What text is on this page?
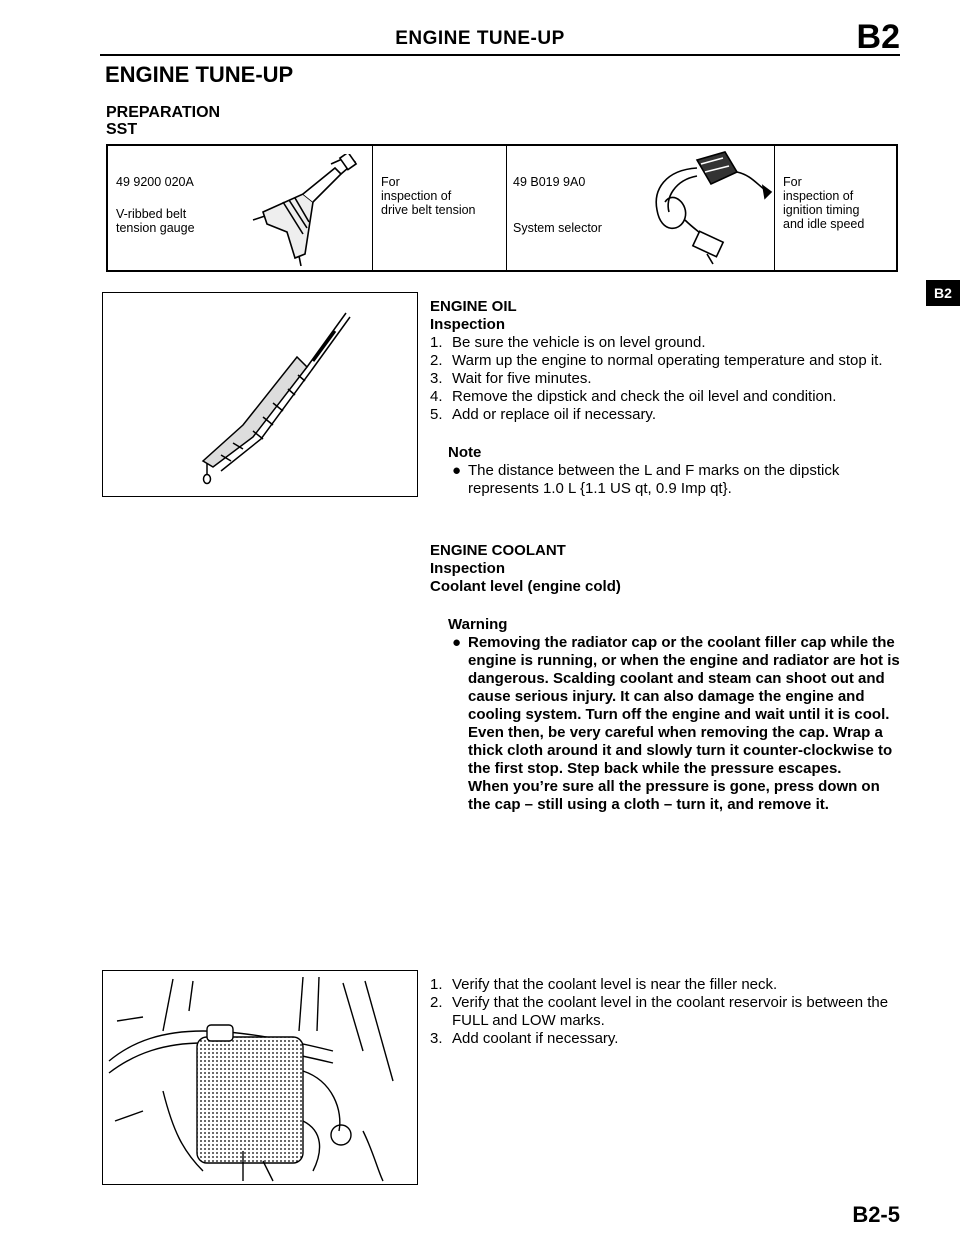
ENGINE TUNE-UP	B2
ENGINE TUNE-UP
PREPARATION
SST
49 9200 020A
V-ribbed belt
tension gauge
For
inspection of
drive belt tension
49 B019 9A0
System selector
For
inspection of
ignition timing
and idle speed
B2
ENGINE OIL
Inspection
1. Be sure the vehicle is on level ground.
2. Warm up the engine to normal operating temperature and stop it.
3. Wait for five minutes.
4. Remove the dipstick and check the oil level and condition.
5. Add or replace oil if necessary.
Note
● The distance between the L and F marks on the dipstick represents 1.0 L {1.1 US qt, 0.9 Imp qt}.
ENGINE COOLANT
Inspection
Coolant level (engine cold)
Warning
● Removing the radiator cap or the coolant filler cap while the engine is running, or when the engine and radiator are hot is dangerous. Scalding coolant and steam can shoot out and cause serious injury. It can also damage the engine and cooling system. Turn off the engine and wait until it is cool. Even then, be very careful when removing the cap. Wrap a thick cloth around it and slowly turn it counter-clockwise to the first stop. Step back while the pressure escapes.
When you’re sure all the pressure is gone, press down on the cap – still using a cloth – turn it, and remove it.
1. Verify that the coolant level is near the filler neck.
2. Verify that the coolant level in the coolant reservoir is between the FULL and LOW marks.
3. Add coolant if necessary.
B2-5
